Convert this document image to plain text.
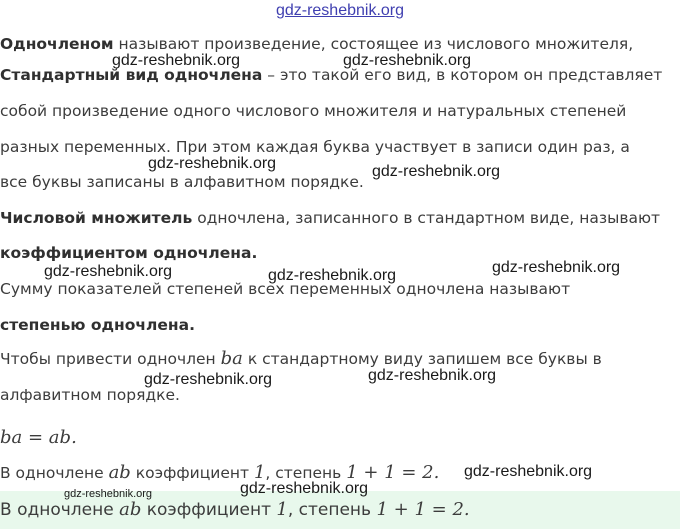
gdz-reshebnik.org
Одночленом называют произведение, состоящее из числового множителя,
Стандартный вид одночлена – это такой его вид, в котором он представляет
собой произведение одного числового множителя и натуральных степеней
разных переменных. При этом каждая буква участвует в записи один раз, а
все буквы записаны в алфавитном порядке.
Числовой множитель одночлена, записанного в стандартном виде, называют
коэффициентом одночлена.
Сумму показателей степеней всех переменных одночлена называют
степенью одночлена.
Чтобы привести одночлен ba к стандартному виду запишем все буквы в
алфавитном порядке.
ba = ab.
В одночлене ab коэффициент 1, степень 1 + 1 = 2.
В одночлене ab коэффициент 1, степень 1 + 1 = 2.
gdz-reshebnik.org	gdz-reshebnik.org
gdz-reshebnik.org	gdz-reshebnik.org
gdz-reshebnik.org	gdz-reshebnik.org	gdz-reshebnik.org
gdz-reshebnik.org	gdz-reshebnik.org
gdz-reshebnik.org
gdz-reshebnik.org
gdz-reshebnik.org
